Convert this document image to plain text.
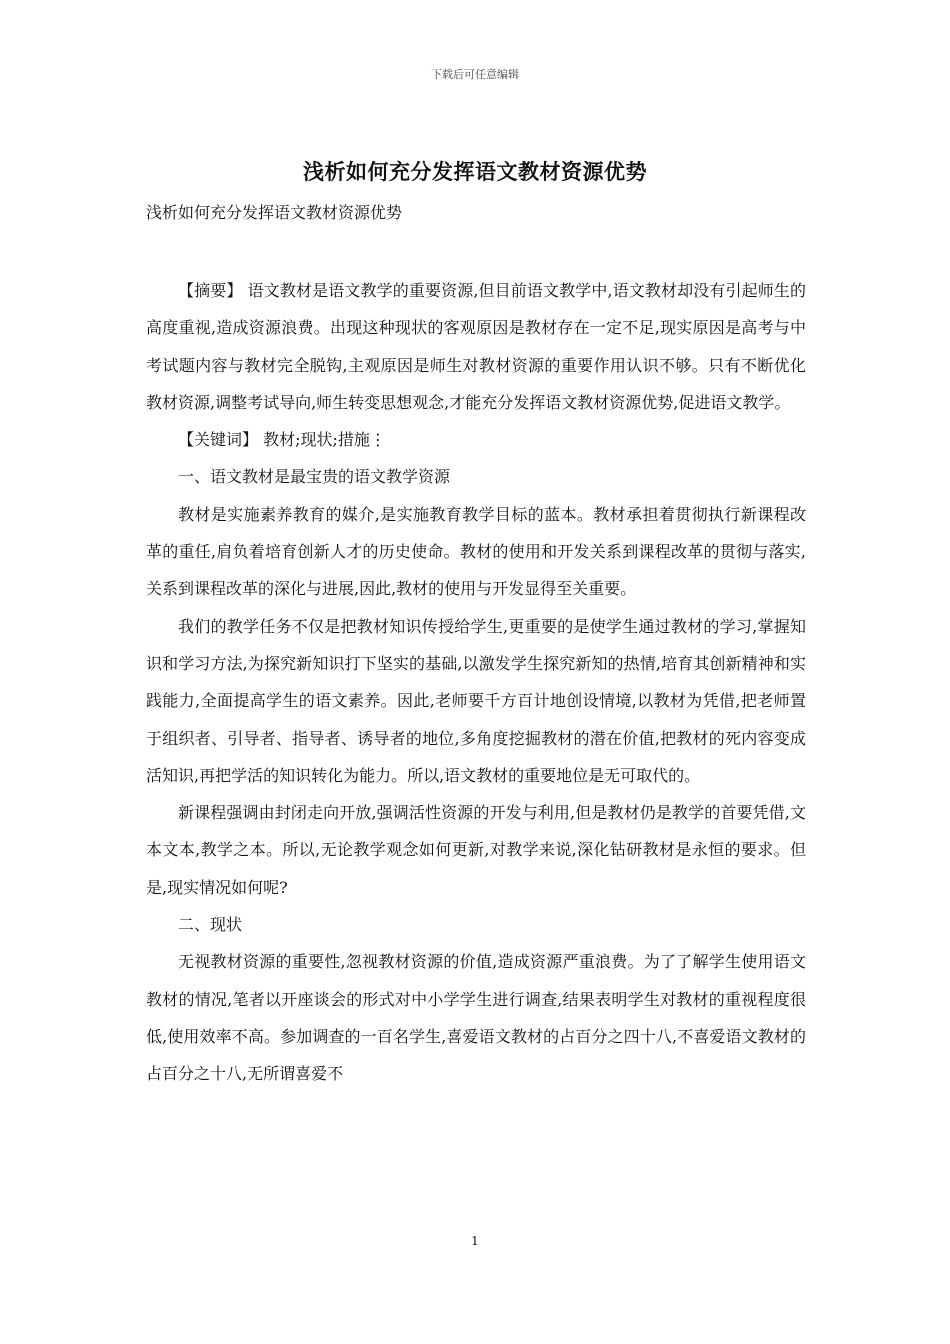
下载后可任意编辑
浅析如何充分发挥语文教材资源优势
浅析如何充分发挥语文教材资源优势

【摘要】 语文教材是语文教学的重要资源,但目前语文教学中,语文教材却没有引起师生的高度重视,造成资源浪费。出现这种现状的客观原因是教材存在一定不足,现实原因是高考与中考试题内容与教材完全脱钩,主观原因是师生对教材资源的重要作用认识不够。只有不断优化教材资源,调整考试导向,师生转变思想观念,才能充分发挥语文教材资源优势,促进语文教学。

【关键词】 教材;现状;措施⋮

一、语文教材是最宝贵的语文教学资源

教材是实施素养教育的媒介,是实施教育教学目标的蓝本。教材承担着贯彻执行新课程改革的重任,肩负着培育创新人才的历史使命。教材的使用和开发关系到课程改革的贯彻与落实,关系到课程改革的深化与进展,因此,教材的使用与开发显得至关重要。

我们的教学任务不仅是把教材知识传授给学生,更重要的是使学生通过教材的学习,掌握知识和学习方法,为探究新知识打下坚实的基础,以激发学生探究新知的热情,培育其创新精神和实践能力,全面提高学生的语文素养。因此,老师要千方百计地创设情境,以教材为凭借,把老师置于组织者、引导者、指导者、诱导者的地位,多角度挖掘教材的潜在价值,把教材的死内容变成活知识,再把学活的知识转化为能力。所以,语文教材的重要地位是无可取代的。

新课程强调由封闭走向开放,强调活性资源的开发与利用,但是教材仍是教学的首要凭借,文本文本,教学之本。所以,无论教学观念如何更新,对教学来说,深化钻研教材是永恒的要求。但是,现实情况如何呢?

二、现状

无视教材资源的重要性,忽视教材资源的价值,造成资源严重浪费。为了了解学生使用语文教材的情况,笔者以开座谈会的形式对中小学学生进行调查,结果表明学生对教材的重视程度很低,使用效率不高。参加调查的一百名学生,喜爱语文教材的占百分之四十八,不喜爱语文教材的占百分之十八,无所谓喜爱不

1
